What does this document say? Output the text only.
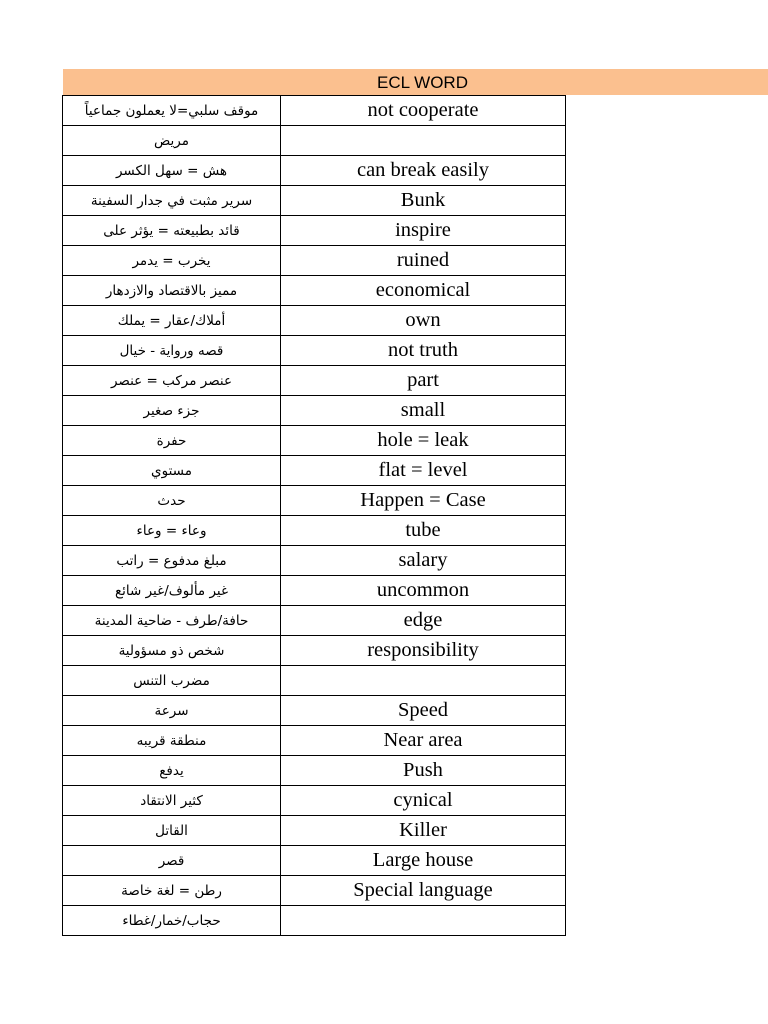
ECL WORD
موقف سلبي=لا يعملون جماعياً	not cooperate
مريض	
هش = سهل الكسر	can break easily
سرير مثبت في جدار السفينة	Bunk
قائد بطبيعته = يؤثر على	inspire
يخرب = يدمر	ruined
مميز بالاقتصاد والازدهار	economical
أملاك/عقار = يملك	own
قصه ورواية - خيال	not truth
عنصر مركب = عنصر	part
جزء صغير	small
حفرة	hole = leak
مستوي	flat = level
حدث	Happen = Case
وعاء = وعاء	tube
مبلغ مدفوع = راتب	salary
غير مألوف/غير شائع	uncommon
حافة/طرف - ضاحية المدينة	edge
شخص ذو مسؤولية	responsibility
مضرب التنس	
سرعة	Speed
منطقة قريبه	Near area
يدفع	Push
كثير الانتقاد	cynical
القاتل	Killer
قصر	Large house
رطن = لغة خاصة	Special language
حجاب/خمار/غطاء	
